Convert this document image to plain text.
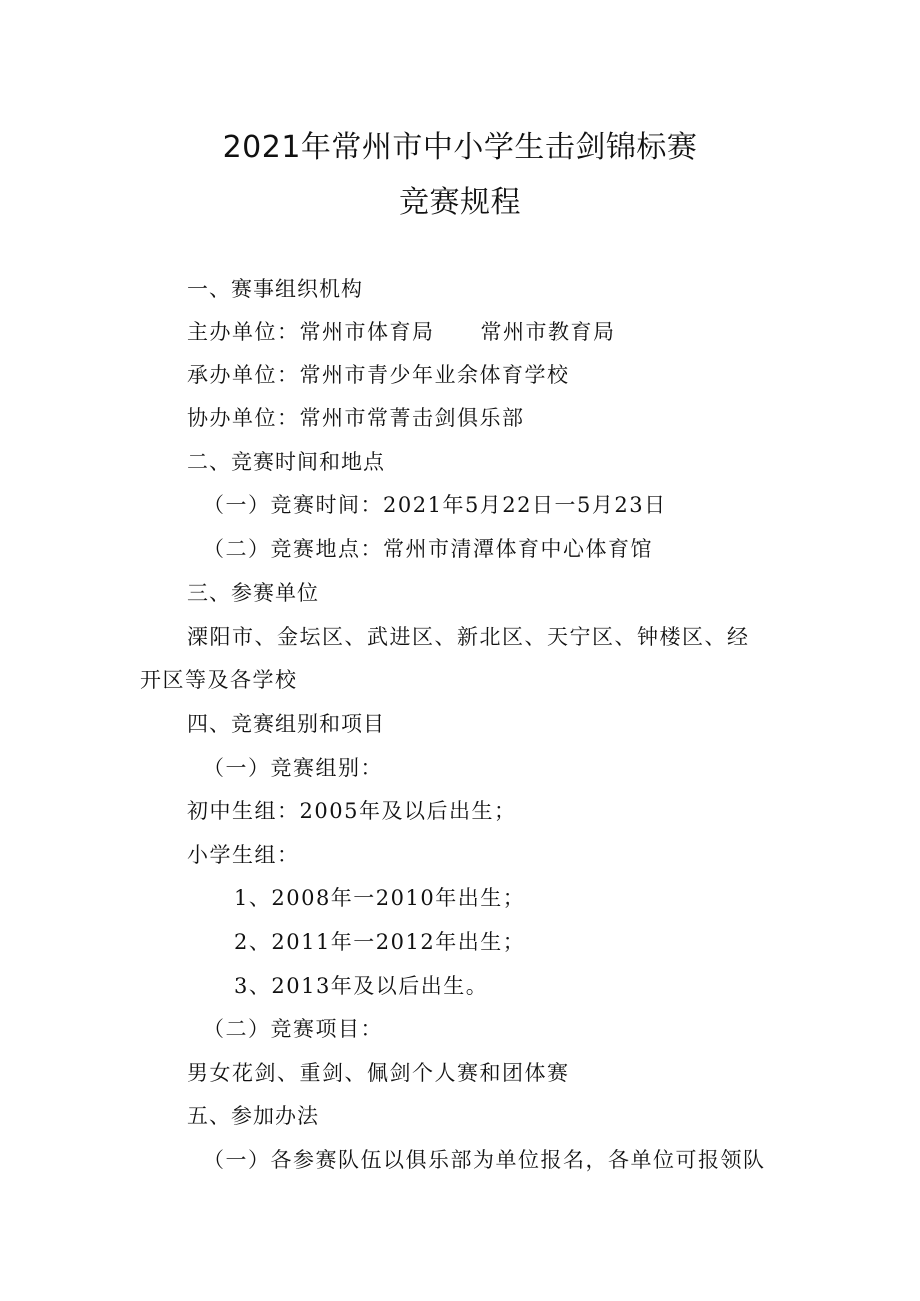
2021年常州市中小学生击剑锦标赛
竞赛规程
一、赛事组织机构
主办单位：常州市体育局 常州市教育局
承办单位：常州市青少年业余体育学校
协办单位：常州市常菁击剑俱乐部
二、竞赛时间和地点
（一）竞赛时间：2021年5月22日一5月23日
（二）竞赛地点：常州市清潭体育中心体育馆
三、参赛单位
溧阳市、金坛区、武进区、新北区、天宁区、钟楼区、经
开区等及各学校
四、竞赛组别和项目
（一）竞赛组别：
初中生组：2005年及以后出生；
小学生组：
1、2008年一2010年出生；
2、2011年一2012年出生；
3、2013年及以后出生。
（二）竞赛项目：
男女花剑、重剑、佩剑个人赛和团体赛
五、参加办法
（一）各参赛队伍以俱乐部为单位报名，各单位可报领队
